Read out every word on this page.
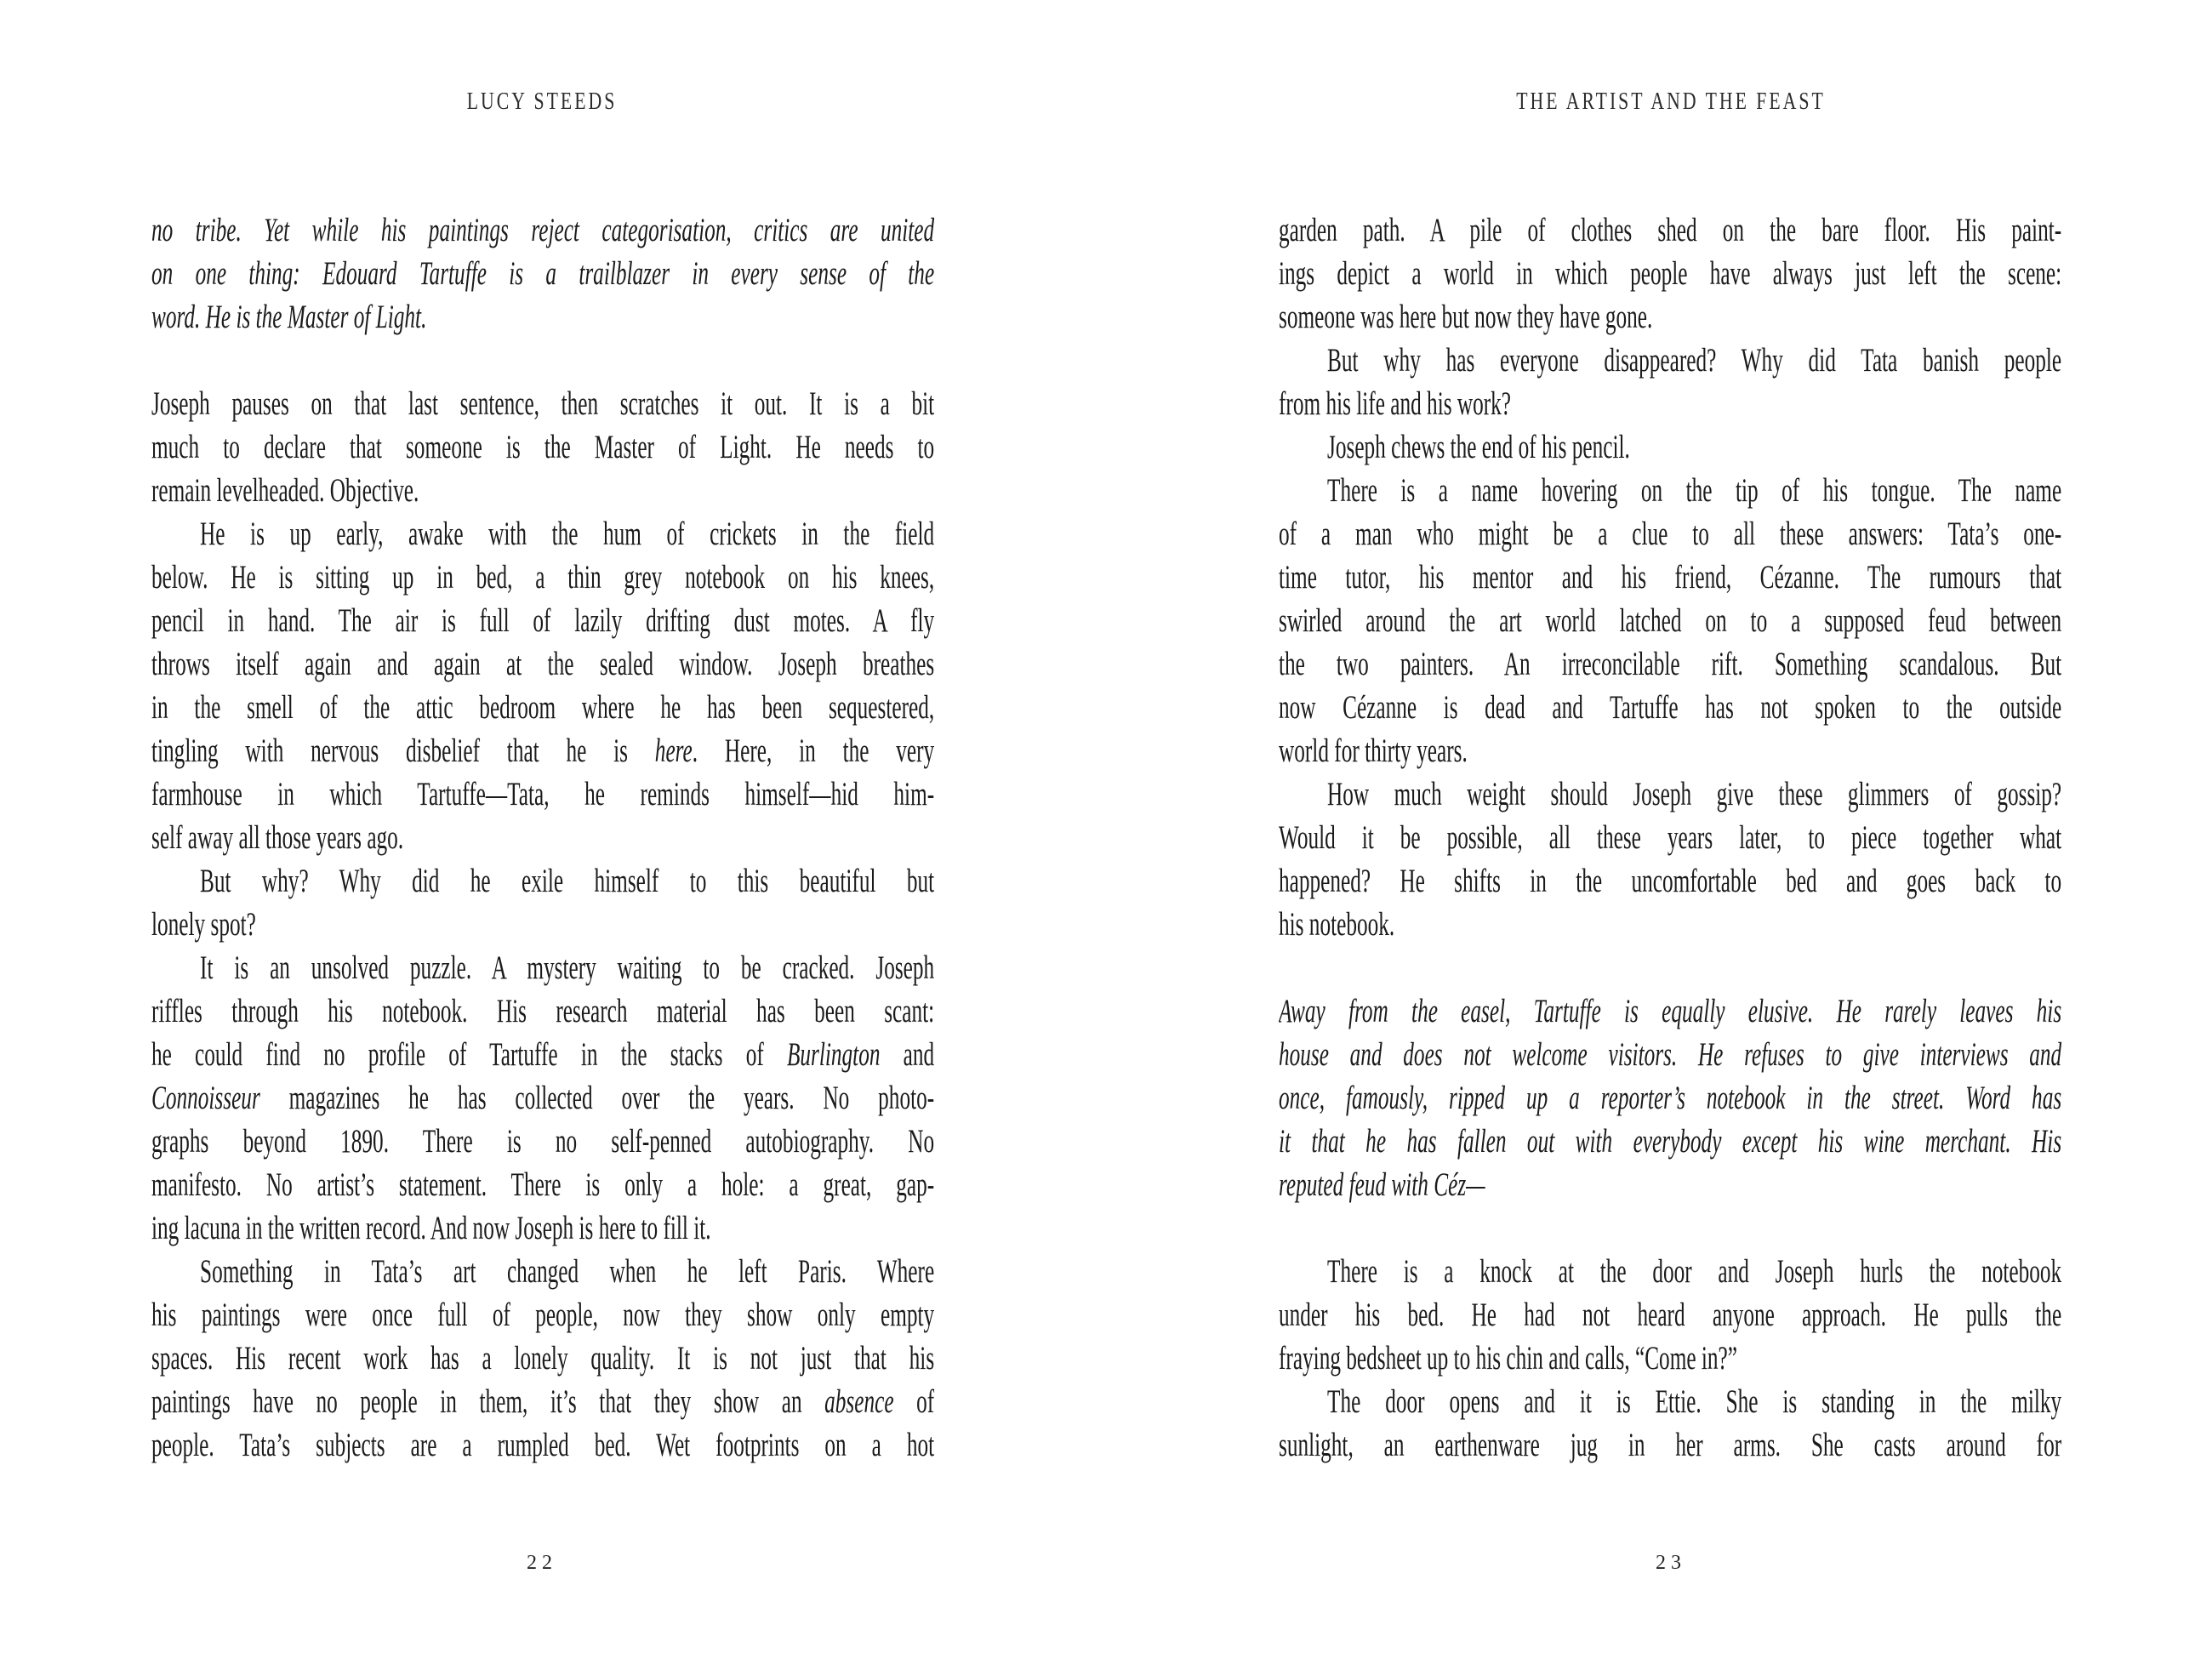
LUCY STEEDS
no tribe. Yet while his paintings reject categorisation, critics are united
on one thing: Edouard Tartuffe is a trailblazer in every sense of the
word. He is the Master of Light.
Joseph pauses on that last sentence, then scratches it out. It is a bit
much to declare that someone is the Master of Light. He needs to
remain levelheaded. Objective.
He is up early, awake with the hum of crickets in the field
below. He is sitting up in bed, a thin grey notebook on his knees,
pencil in hand. The air is full of lazily drifting dust motes. A fly
throws itself again and again at the sealed window. Joseph breathes
in the smell of the attic bedroom where he has been sequestered,
tingling with nervous disbelief that he is here. Here, in the very
farmhouse in which Tartuffe—Tata, he reminds himself—hid him-
self away all those years ago.
But why? Why did he exile himself to this beautiful but
lonely spot?
It is an unsolved puzzle. A mystery waiting to be cracked. Joseph
riffles through his notebook. His research material has been scant:
he could find no profile of Tartuffe in the stacks of Burlington and
Connoisseur magazines he has collected over the years. No photo-
graphs beyond 1890. There is no self-penned autobiography. No
manifesto. No artist’s statement. There is only a hole: a great, gap-
ing lacuna in the written record. And now Joseph is here to fill it.
Something in Tata’s art changed when he left Paris. Where
his paintings were once full of people, now they show only empty
spaces. His recent work has a lonely quality. It is not just that his
paintings have no people in them, it’s that they show an absence of
people. Tata’s subjects are a rumpled bed. Wet footprints on a hot
22
THE ARTIST AND THE FEAST
garden path. A pile of clothes shed on the bare floor. His paint-
ings depict a world in which people have always just left the scene:
someone was here but now they have gone.
But why has everyone disappeared? Why did Tata banish people
from his life and his work?
Joseph chews the end of his pencil.
There is a name hovering on the tip of his tongue. The name
of a man who might be a clue to all these answers: Tata’s one-
time tutor, his mentor and his friend, Cézanne. The rumours that
swirled around the art world latched on to a supposed feud between
the two painters. An irreconcilable rift. Something scandalous. But
now Cézanne is dead and Tartuffe has not spoken to the outside
world for thirty years.
How much weight should Joseph give these glimmers of gossip?
Would it be possible, all these years later, to piece together what
happened? He shifts in the uncomfortable bed and goes back to
his notebook.
Away from the easel, Tartuffe is equally elusive. He rarely leaves his
house and does not welcome visitors. He refuses to give interviews and
once, famously, ripped up a reporter’s notebook in the street. Word has
it that he has fallen out with everybody except his wine merchant. His
reputed feud with Céz—
There is a knock at the door and Joseph hurls the notebook
under his bed. He had not heard anyone approach. He pulls the
fraying bedsheet up to his chin and calls, “Come in?”
The door opens and it is Ettie. She is standing in the milky
sunlight, an earthenware jug in her arms. She casts around for
23
